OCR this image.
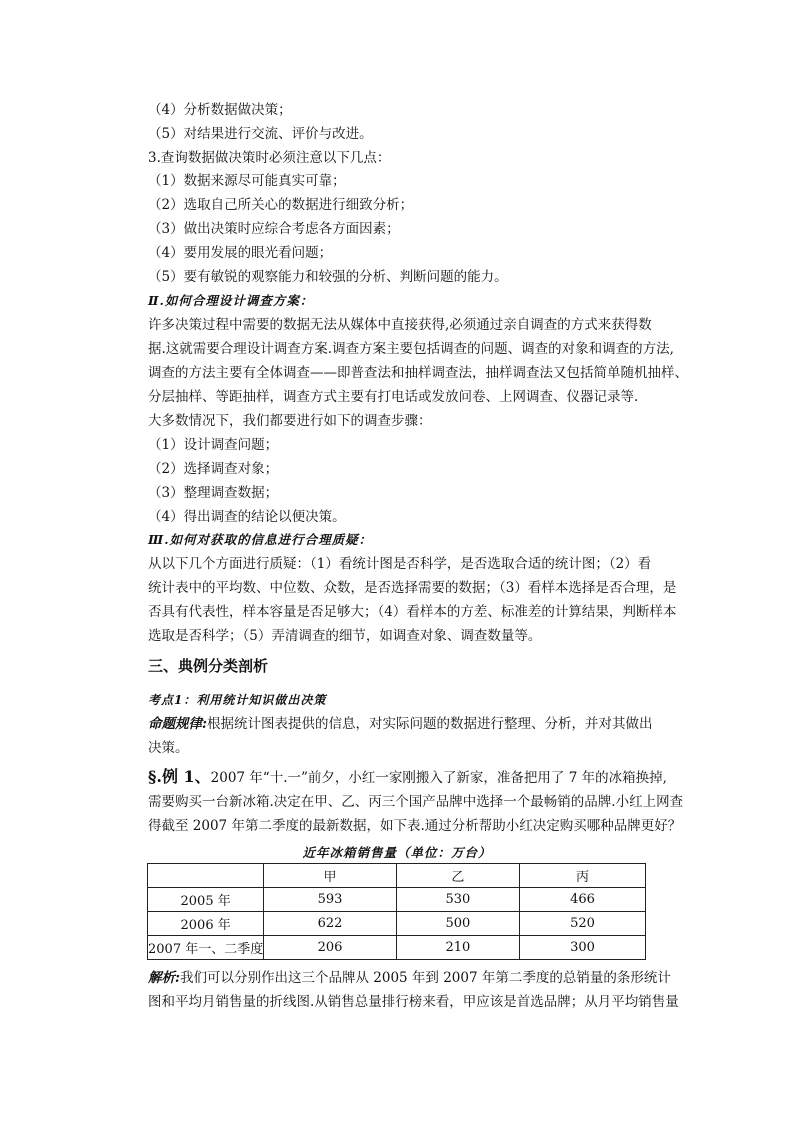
（4）分析数据做决策；
（5）对结果进行交流、评价与改进。
3.查询数据做决策时必须注意以下几点：
（1）数据来源尽可能真实可靠；
（2）选取自己所关心的数据进行细致分析；
（3）做出决策时应综合考虑各方面因素；
（4）要用发展的眼光看问题；
（5）要有敏锐的观察能力和较强的分析、判断问题的能力。
Ⅱ.如何合理设计调查方案：
许多决策过程中需要的数据无法从媒体中直接获得,必须通过亲自调查的方式来获得数
据.这就需要合理设计调查方案.调查方案主要包括调查的问题、调查的对象和调查的方法,
调查的方法主要有全体调查——即普查法和抽样调查法，抽样调查法又包括简单随机抽样、
分层抽样、等距抽样，调查方式主要有打电话或发放问卷、上网调查、仪器记录等.
大多数情况下，我们都要进行如下的调查步骤：
（1）设计调查问题；
（2）选择调查对象；
（3）整理调查数据；
（4）得出调查的结论以便决策。
Ⅲ.如何对获取的信息进行合理质疑：
从以下几个方面进行质疑：（1）看统计图是否科学，是否选取合适的统计图；（2）看
统计表中的平均数、中位数、众数，是否选择需要的数据；（3）看样本选择是否合理，是
否具有代表性，样本容量是否足够大；（4）看样本的方差、标准差的计算结果，判断样本
选取是否科学；（5）弄清调查的细节，如调查对象、调查数量等。
三、典例分类剖析
考点1：利用统计知识做出决策
命题规律:根据统计图表提供的信息，对实际问题的数据进行整理、分析，并对其做出
决策。
§.例 1、2007 年“十.一”前夕，小红一家刚搬入了新家，准备把用了 7 年的冰箱换掉,
需要购买一台新冰箱.决定在甲、乙、丙三个国产品牌中选择一个最畅销的品牌.小红上网查
得截至 2007 年第二季度的最新数据，如下表.通过分析帮助小红决定购买哪种品牌更好？
近年冰箱销售量（单位：万台）
	甲	乙	丙
2005 年	593	530	466
2006 年	622	500	520
2007 年一、二季度	206	210	300
解析:我们可以分别作出这三个品牌从 2005 年到 2007 年第二季度的总销量的条形统计
图和平均月销售量的折线图.从销售总量排行榜来看，甲应该是首选品牌；从月平均销售量
